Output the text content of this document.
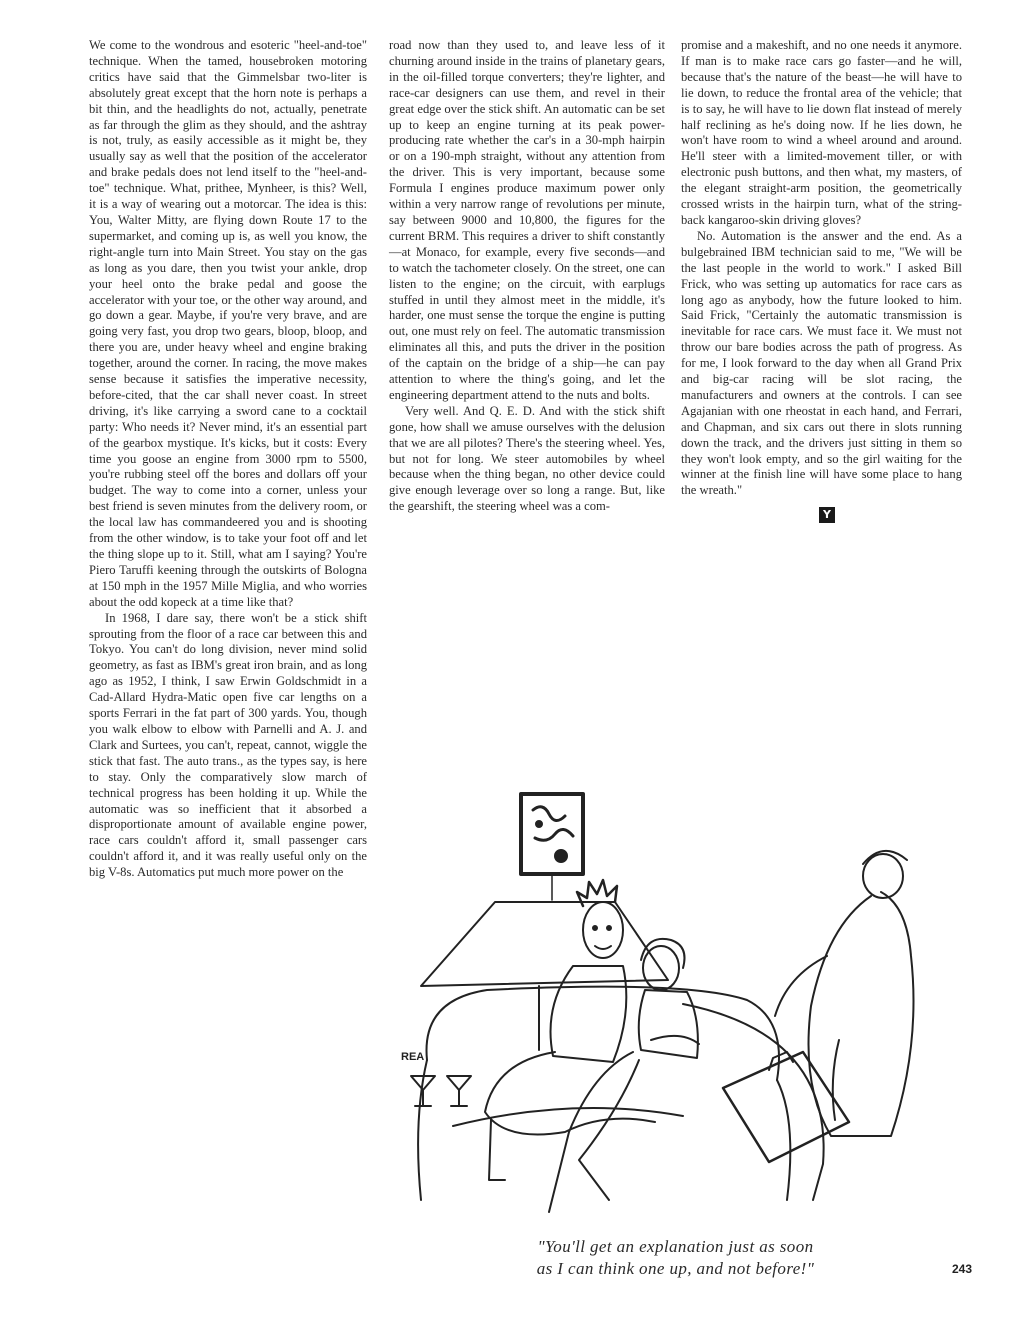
We come to the wondrous and esoteric "heel-and-toe" technique. When the tamed, housebroken motoring critics have said that the Gimmelsbar two-liter is absolutely great except that the horn note is perhaps a bit thin, and the headlights do not, actually, penetrate as far through the glim as they should, and the ashtray is not, truly, as easily accessible as it might be, they usually say as well that the position of the accelerator and brake pedals does not lend itself to the "heel-and-toe" technique. What, prithee, Mynheer, is this? Well, it is a way of wearing out a motorcar. The idea is this: You, Walter Mitty, are flying down Route 17 to the supermarket, and coming up is, as well you know, the right-angle turn into Main Street. You stay on the gas as long as you dare, then you twist your ankle, drop your heel onto the brake pedal and goose the accelerator with your toe, or the other way around, and go down a gear. Maybe, if you're very brave, and are going very fast, you drop two gears, bloop, bloop, and there you are, under heavy wheel and engine braking together, around the corner. In racing, the move makes sense because it satisfies the imperative necessity, before-cited, that the car shall never coast. In street driving, it's like carrying a sword cane to a cocktail party: Who needs it? Never mind, it's an essential part of the gearbox mystique. It's kicks, but it costs: Every time you goose an engine from 3000 rpm to 5500, you're rubbing steel off the bores and dollars off your budget. The way to come into a corner, unless your best friend is seven minutes from the delivery room, or the local law has commandeered you and is shooting from the other window, is to take your foot off and let the thing slope up to it. Still, what am I saying? You're Piero Taruffi keening through the outskirts of Bologna at 150 mph in the 1957 Mille Miglia, and who worries about the odd kopeck at a time like that?

In 1968, I dare say, there won't be a stick shift sprouting from the floor of a race car between this and Tokyo. You can't do long division, never mind solid geometry, as fast as IBM's great iron brain, and as long ago as 1952, I think, I saw Erwin Goldschmidt in a Cad-Allard Hydra-Matic open five car lengths on a sports Ferrari in the fat part of 300 yards. You, though you walk elbow to elbow with Parnelli and A. J. and Clark and Surtees, you can't, repeat, cannot, wiggle the stick that fast. The auto trans., as the types say, is here to stay. Only the comparatively slow march of technical progress has been holding it up. While the automatic was so inefficient that it absorbed a disproportionate amount of available engine power, race cars couldn't afford it, small passenger cars couldn't afford it, and it was really useful only on the big V-8s. Automatics put much more power on the

road now than they used to, and leave less of it churning around inside in the trains of planetary gears, in the oil-filled torque converters; they're lighter, and race-car designers can use them, and revel in their great edge over the stick shift. An automatic can be set up to keep an engine turning at its peak power-producing rate whether the car's in a 30-mph hairpin or on a 190-mph straight, without any attention from the driver. This is very important, because some Formula I engines produce maximum power only within a very narrow range of revolutions per minute, say between 9000 and 10,800, the figures for the current BRM. This requires a driver to shift constantly—at Monaco, for example, every five seconds—and to watch the tachometer closely. On the street, one can listen to the engine; on the circuit, with earplugs stuffed in until they almost meet in the middle, it's harder, one must sense the torque the engine is putting out, one must rely on feel. The automatic transmission eliminates all this, and puts the driver in the position of the captain on the bridge of a ship—he can pay attention to where the thing's going, and let the engineering department attend to the nuts and bolts.

Very well. And Q. E. D. And with the stick shift gone, how shall we amuse ourselves with the delusion that we are all pilotes? There's the steering wheel. Yes, but not for long. We steer automobiles by wheel because when the thing began, no other device could give enough leverage over so long a range. But, like the gearshift, the steering wheel was a com-

promise and a makeshift, and no one needs it anymore. If man is to make race cars go faster—and he will, because that's the nature of the beast—he will have to lie down, to reduce the frontal area of the vehicle; that is to say, he will have to lie down flat instead of merely half reclining as he's doing now. If he lies down, he won't have room to wind a wheel around and around. He'll steer with a limited-movement tiller, or with electronic push buttons, and then what, my masters, of the elegant straight-arm position, the geometrically crossed wrists in the hairpin turn, what of the string-back kangaroo-skin driving gloves?

No. Automation is the answer and the end. As a bulgebrained IBM technician said to me, "We will be the last people in the world to work." I asked Bill Frick, who was setting up automatics for race cars as long ago as anybody, how the future looked to him. Said Frick, "Certainly the automatic transmission is inevitable for race cars. We must face it. We must not throw our bare bodies across the path of progress. As for me, I look forward to the day when all Grand Prix and big-car racing will be slot racing, the manufacturers and owners at the controls. I can see Agajanian with one rheostat in each hand, and Ferrari, and Chapman, and six cars out there in slots running down the track, and the drivers just sitting in them so they won't look empty, and so the girl waiting for the winner at the finish line will have some place to hang the wreath."

Y
REA
"You'll get an explanation just as soon
as I can think one up, and not before!"	243
